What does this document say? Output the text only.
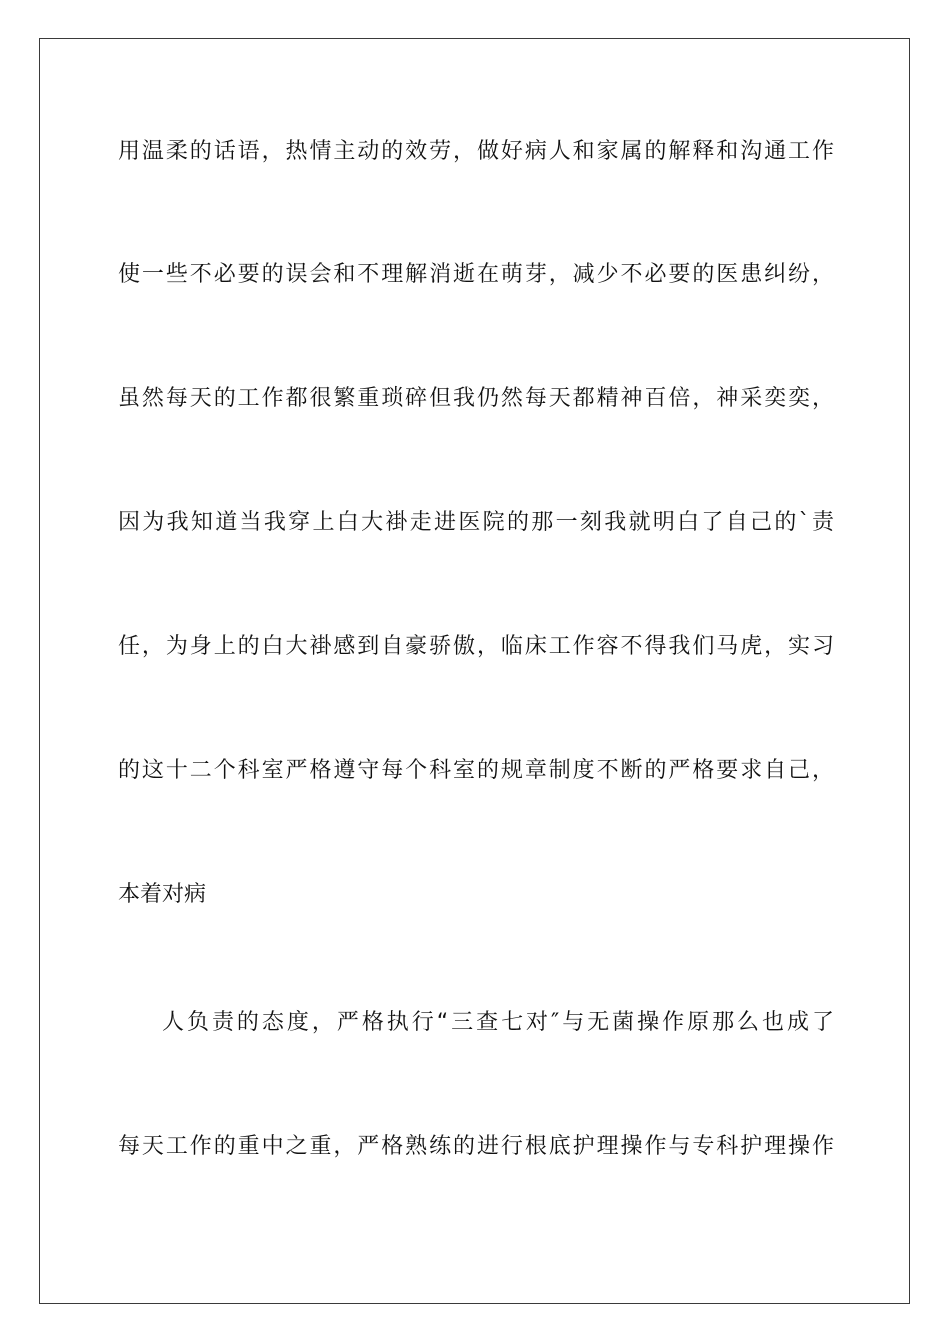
用温柔的话语，热情主动的效劳，做好病人和家属的解释和沟通工作
使一些不必要的误会和不理解消逝在萌芽，减少不必要的医患纠纷，
虽然每天的工作都很繁重琐碎但我仍然每天都精神百倍，神采奕奕，
因为我知道当我穿上白大褂走进医院的那一刻我就明白了自己的`责
任，为身上的白大褂感到自豪骄傲，临床工作容不得我们马虎，实习
的这十二个科室严格遵守每个科室的规章制度不断的严格要求自己，
本着对病
人负责的态度，严格执行“三查七对″与无菌操作原那么也成了
每天工作的重中之重，严格熟练的进行根底护理操作与专科护理操作
